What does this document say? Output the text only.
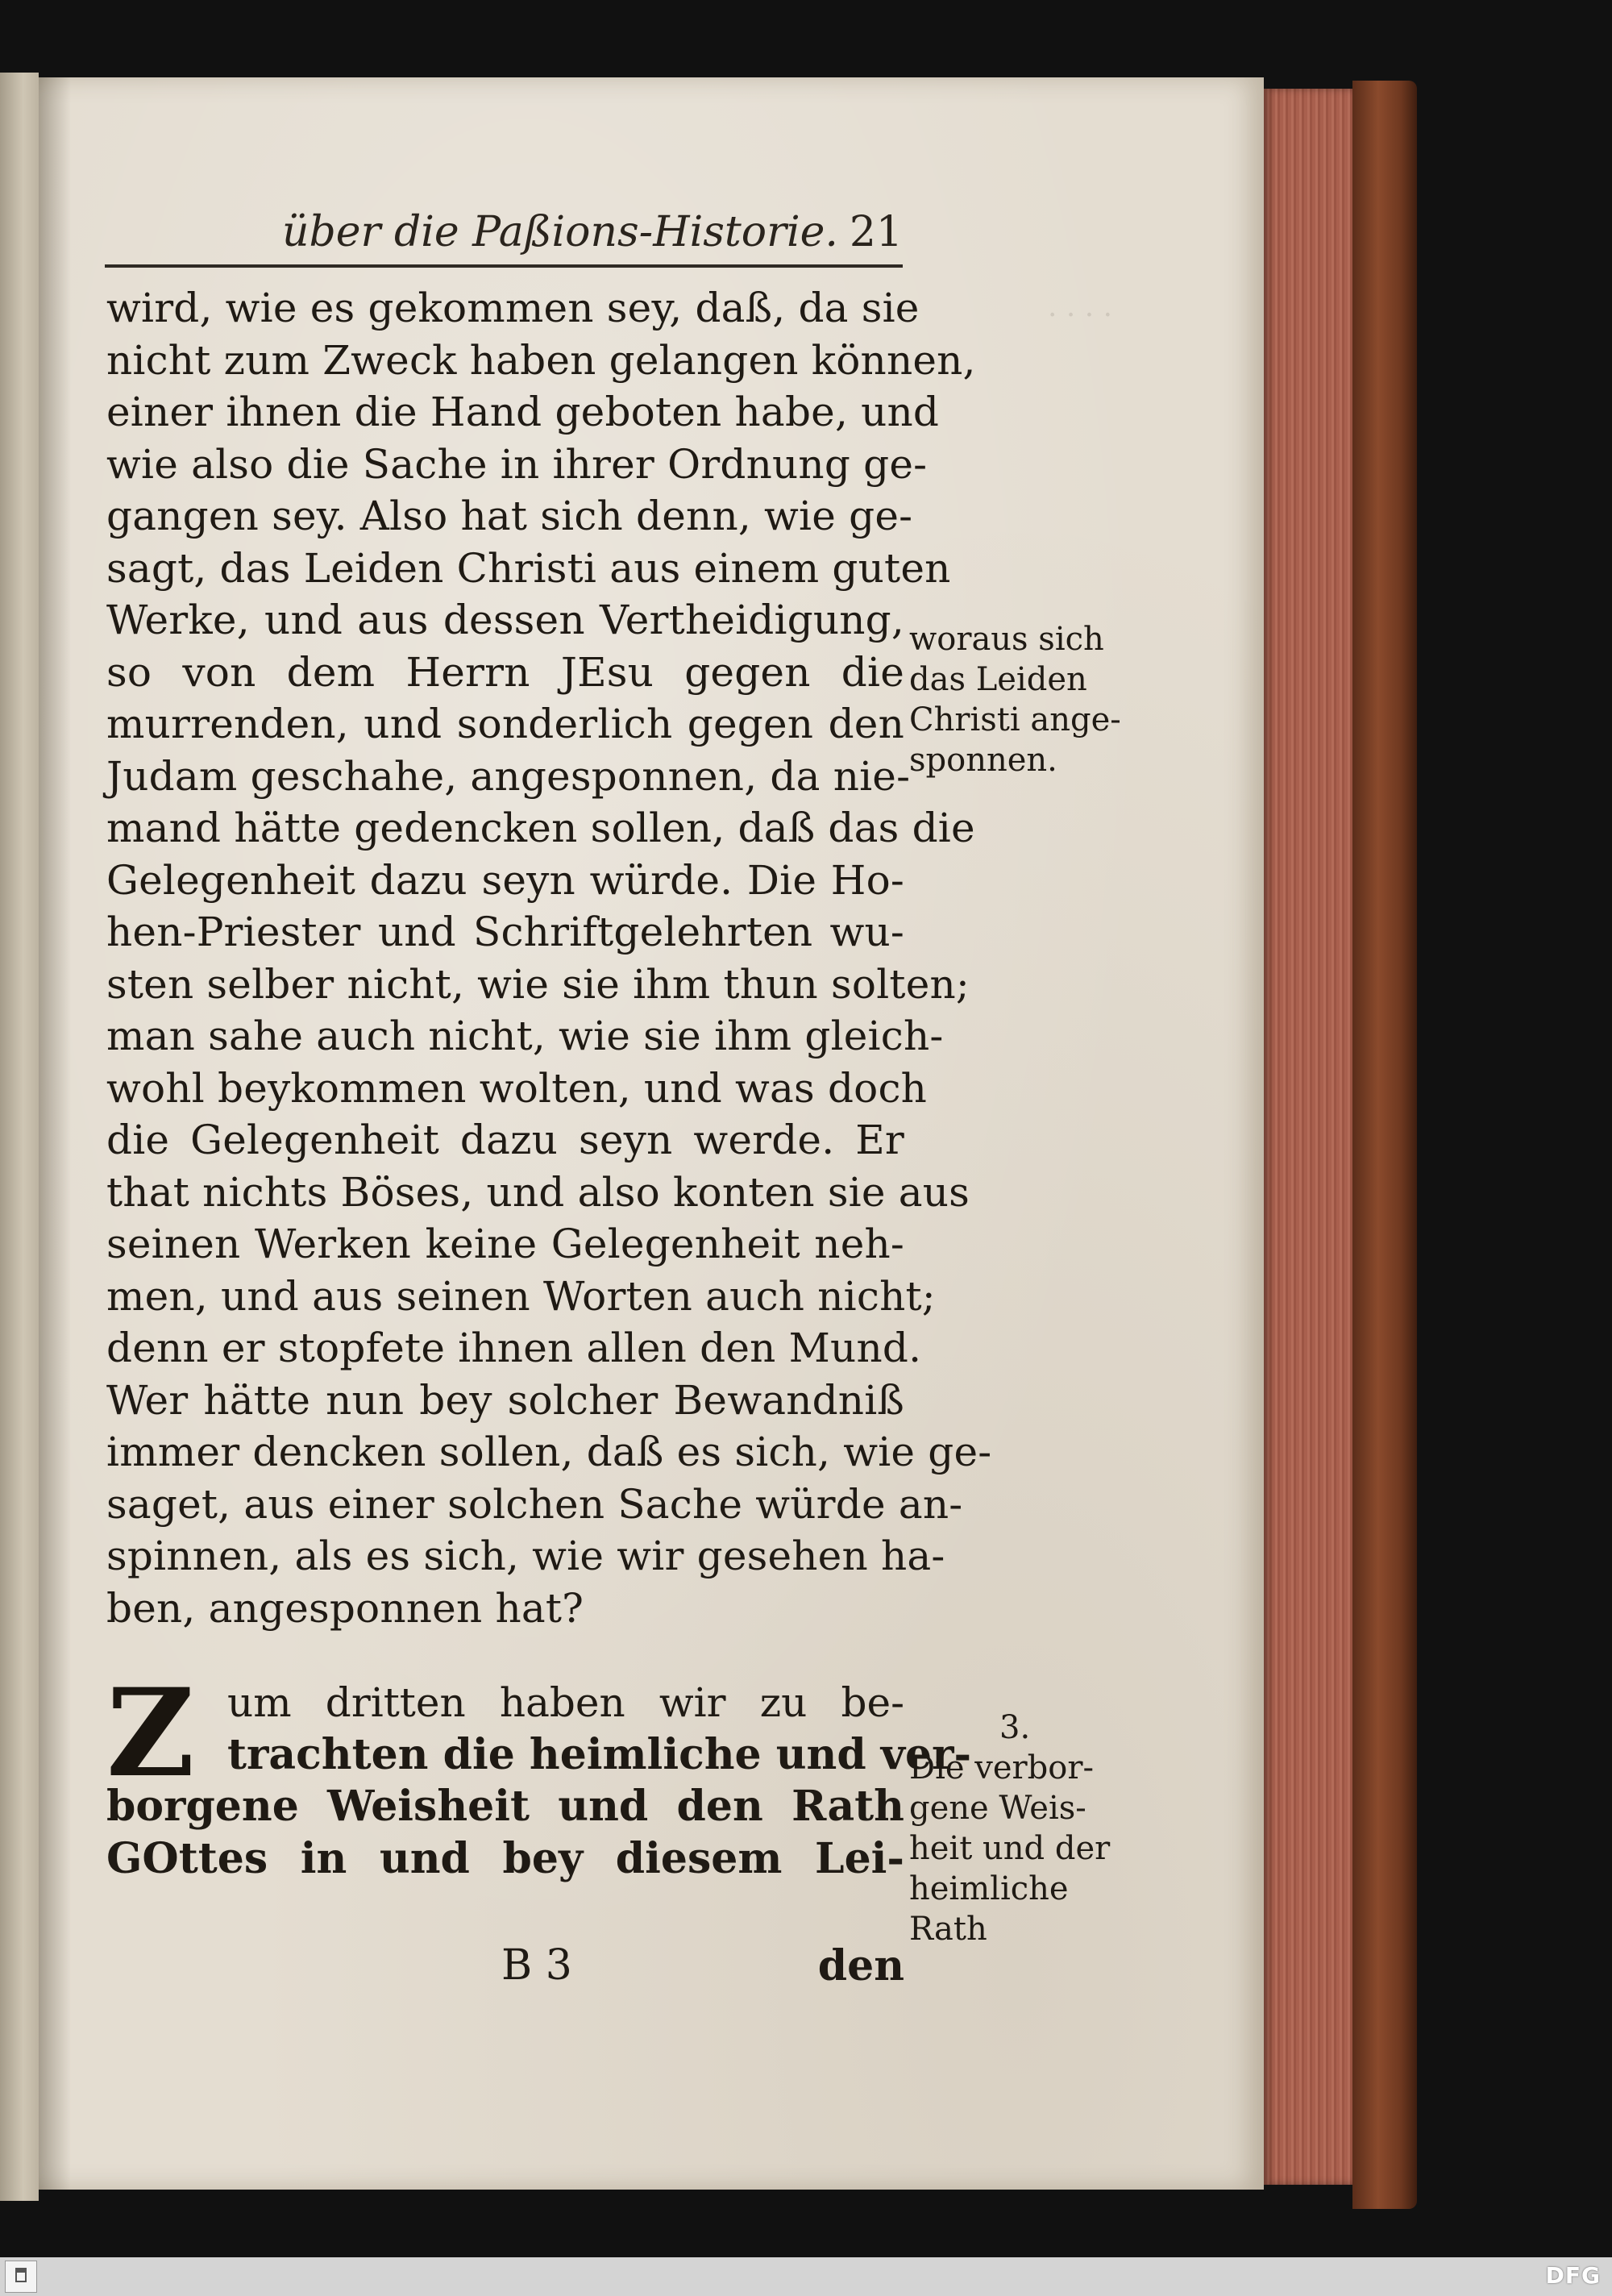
· · · ·
über die Paßions-Historie. 21
wird, wie es gekommen sey, daß, da sie
nicht zum Zweck haben gelangen können,
einer ihnen die Hand geboten habe, und
wie also die Sache in ihrer Ordnung ge-
gangen sey. Also hat sich denn, wie ge-
sagt, das Leiden Christi aus einem guten
Werke, und aus dessen Vertheidigung,
so von dem Herrn JEsu gegen die
murrenden, und sonderlich gegen den
Judam geschahe, angesponnen, da nie-
mand hätte gedencken sollen, daß das die
Gelegenheit dazu seyn würde. Die Ho-
hen-Priester und Schriftgelehrten wu-
sten selber nicht, wie sie ihm thun solten;
man sahe auch nicht, wie sie ihm gleich-
wohl beykommen wolten, und was doch
die Gelegenheit dazu seyn werde. Er
that nichts Böses, und also konten sie aus
seinen Werken keine Gelegenheit neh-
men, und aus seinen Worten auch nicht;
denn er stopfete ihnen allen den Mund.
Wer hätte nun bey solcher Bewandniß
immer dencken sollen, daß es sich, wie ge-
saget, aus einer solchen Sache würde an-
spinnen, als es sich, wie wir gesehen ha-
ben, angesponnen hat?
Z um dritten haben wir zu be-
trachten die heimliche und ver-
borgene Weisheit und den Rath
GOttes in und bey diesem Lei-
B 3	den
woraus sich
das Leiden
Christi ange-
sponnen.
3.
Die verbor-
gene Weis-
heit und der
heimliche
Rath
DFG
